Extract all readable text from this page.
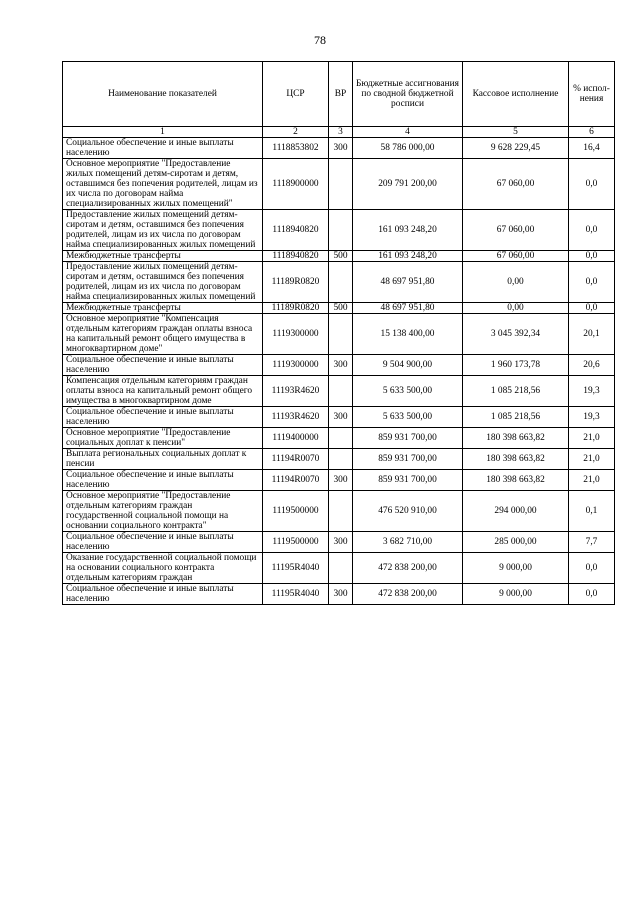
78
Наименование показателей	ЦСР	ВР	Бюджетные ассигнования по сводной бюджетной росписи	Кассовое исполнение	% испол-нения
1	2	3	4	5	6
Социальное обеспечение и иные выплаты населению	1118853802	300	58 786 000,00	9 628 229,45	16,4
Основное мероприятие "Предоставление жилых помещений детям-сиротам и детям, оставшимся без попечения родителей, лицам из их числа по договорам найма специализированных жилых помещений"	1118900000		209 791 200,00	67 060,00	0,0
Предоставление жилых помещений детям-сиротам и детям, оставшимся без попечения родителей, лицам из их числа по договорам найма специализированных жилых помещений	1118940820		161 093 248,20	67 060,00	0,0
Межбюджетные трансферты	1118940820	500	161 093 248,20	67 060,00	0,0
Предоставление жилых помещений детям-сиротам и детям, оставшимся без попечения родителей, лицам из их числа по договорам найма специализированных жилых помещений	11189R0820		48 697 951,80	0,00	0,0
Межбюджетные трансферты	11189R0820	500	48 697 951,80	0,00	0,0
Основное мероприятие "Компенсация отдельным категориям граждан оплаты взноса на капитальный ремонт общего имущества в многоквартирном доме"	1119300000		15 138 400,00	3 045 392,34	20,1
Социальное обеспечение и иные выплаты населению	1119300000	300	9 504 900,00	1 960 173,78	20,6
Компенсация отдельным категориям граждан оплаты взноса на капитальный ремонт общего имущества в многоквартирном доме	11193R4620		5 633 500,00	1 085 218,56	19,3
Социальное обеспечение и иные выплаты населению	11193R4620	300	5 633 500,00	1 085 218,56	19,3
Основное мероприятие "Предоставление социальных доплат к пенсии"	1119400000		859 931 700,00	180 398 663,82	21,0
Выплата региональных социальных доплат к пенсии	11194R0070		859 931 700,00	180 398 663,82	21,0
Социальное обеспечение и иные выплаты населению	11194R0070	300	859 931 700,00	180 398 663,82	21,0
Основное мероприятие "Предоставление отдельным категориям граждан государственной социальной помощи на основании социального контракта"	1119500000		476 520 910,00	294 000,00	0,1
Социальное обеспечение и иные выплаты населению	1119500000	300	3 682 710,00	285 000,00	7,7
Оказание государственной социальной помощи на основании социального контракта отдельным категориям граждан	11195R4040		472 838 200,00	9 000,00	0,0
Социальное обеспечение и иные выплаты населению	11195R4040	300	472 838 200,00	9 000,00	0,0
